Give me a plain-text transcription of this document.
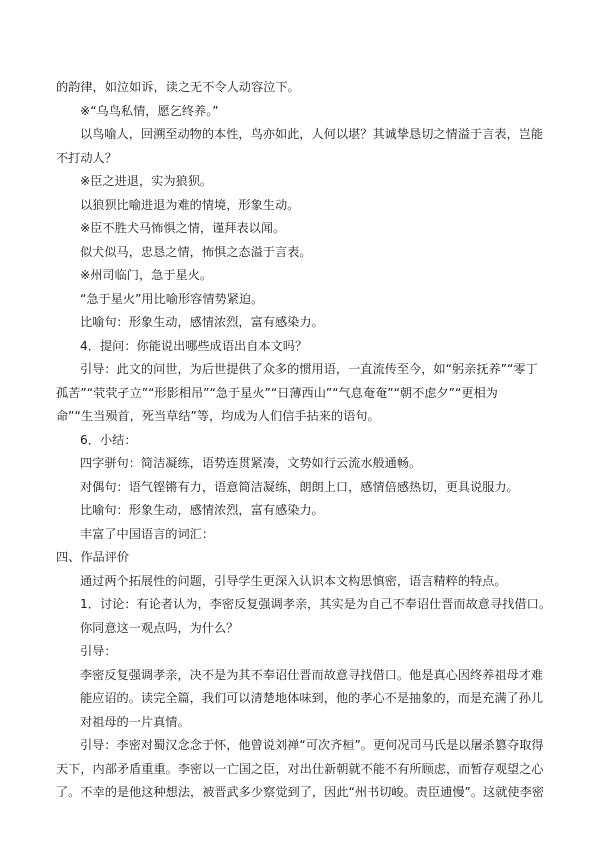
的韵律，如泣如诉，读之无不令人动容泣下。
※“乌鸟私情，愿乞终养。”
以鸟喻人，回溯至动物的本性，鸟亦如此，人何以堪？其诚挚恳切之情溢于言表，岂能
不打动人？
※臣之进退，实为狼狈。
以狼狈比喻进退为难的情境，形象生动。
※臣不胜犬马怖惧之情，谨拜表以闻。
似犬似马，忠恳之情，怖惧之态溢于言表。
※州司临门，急于星火。
“急于星火”用比喻形容情势紧迫。
比喻句：形象生动，感情浓烈，富有感染力。
4．提问：你能说出哪些成语出自本文吗？
引导：此文的问世，为后世提供了众多的惯用语，一直流传至今，如“躬亲抚养”“零丁
孤苦”“茕茕孑立”“形影相吊”“急于星火”“日薄西山”“气息奄奄”“朝不虑夕”“更相为
命”“生当殒首，死当草结”等，均成为人们信手拈来的语句。
6．小结：
四字骈句：简洁凝练，语势连贯紧凑，文势如行云流水般通畅。
对偶句：语气铿锵有力，语意简洁凝练，朗朗上口，感情倍感热切，更具说服力。
比喻句：形象生动，感情浓烈，富有感染力。
丰富了中国语言的词汇：
四、作品评价
通过两个拓展性的问题，引导学生更深入认识本文构思慎密，语言精粹的特点。
1．讨论：有论者认为，李密反复强调孝亲，其实是为自己不奉诏仕晋而故意寻找借口。
你同意这一观点吗，为什么？
引导：
李密反复强调孝亲，决不是为其不奉诏仕晋而故意寻找借口。他是真心因终养祖母才难
能应诏的。读完全篇，我们可以清楚地体味到，他的孝心不是抽象的，而是充满了孙儿
对祖母的一片真情。
引导：李密对蜀汉念念于怀，他曾说刘禅“可次齐桓”。更何况司马氏是以屠杀篡夺取得
天下，内部矛盾重重。李密以一亡国之臣，对出仕新朝就不能不有所顾虑，而暂存观望之心
了。不幸的是他这种想法，被晋武多少察觉到了，因此“州书切峻。责臣逋慢”。这就使李密
